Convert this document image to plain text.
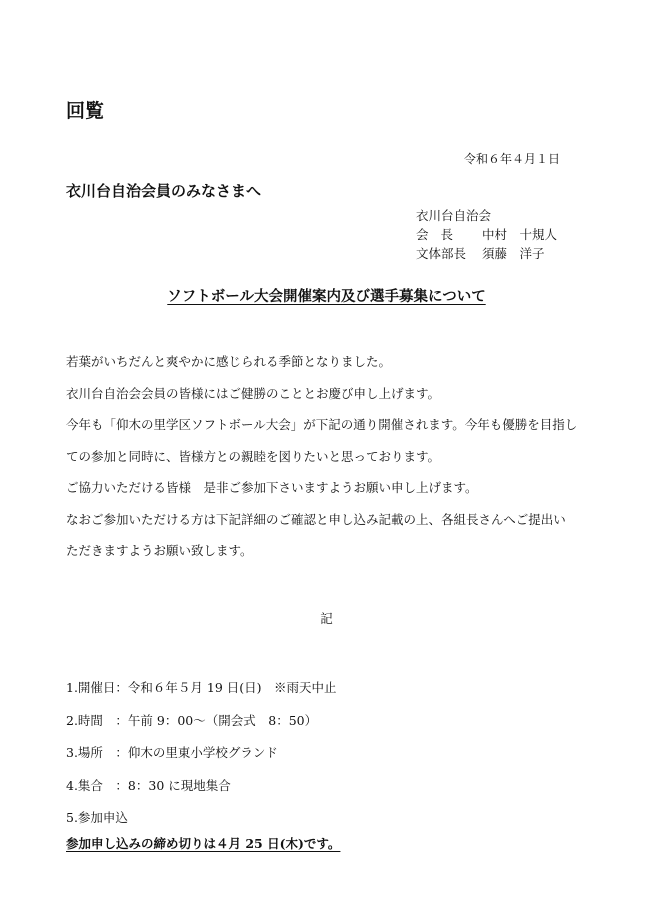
回覧
令和６年４月１日
衣川台自治会員のみなさまへ
衣川台自治会
会長	中村　十規人
文体部長	須藤　洋子
ソフトボール大会開催案内及び選手募集について

若葉がいちだんと爽やかに感じられる季節となりました。

衣川台自治会会員の皆様にはご健勝のこととお慶び申し上げます。

今年も「仰木の里学区ソフトボール大会」が下記の通り開催されます。今年も優勝を目指し

ての参加と同時に、皆様方との親睦を図りたいと思っております。

ご協力いただける皆様　是非ご参加下さいますようお願い申し上げます。

なおご参加いただける方は下記詳細のご確認と申し込み記載の上、各組長さんへご提出い

ただきますようお願い致します。

記

1.開催日：令和６年５月 19 日(日)　※雨天中止

2.時間　：午前 9：00～（開会式　8：50）

3.場所　：仰木の里東小学校グランド

4.集合　：8：30 に現地集合

5.参加申込

参加申し込みの締め切りは４月 25 日(木)です。
